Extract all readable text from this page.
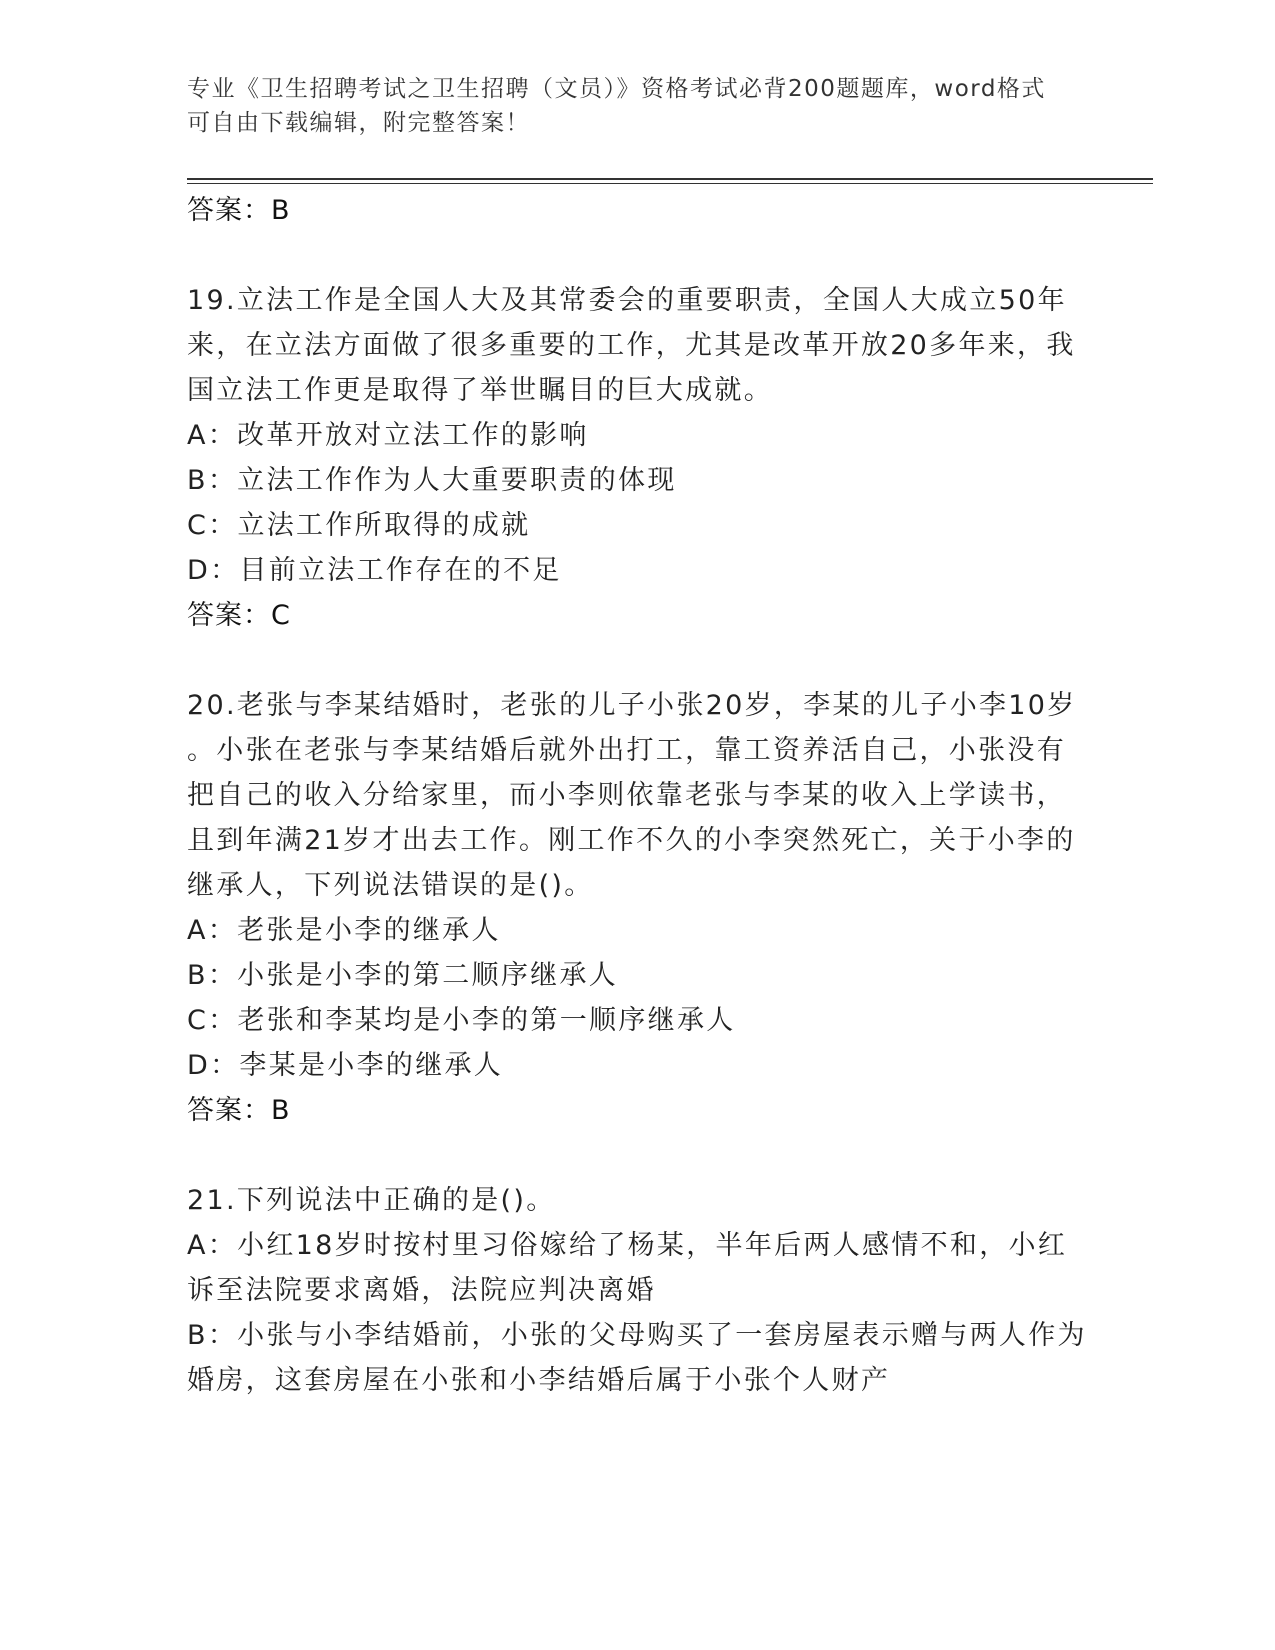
专业《卫生招聘考试之卫生招聘（文员）》资格考试必背200题题库，word格式
可自由下载编辑，附完整答案！
答案：B
19.立法工作是全国人大及其常委会的重要职责，全国人大成立50年
来，在立法方面做了很多重要的工作，尤其是改革开放20多年来，我
国立法工作更是取得了举世瞩目的巨大成就。
A：改革开放对立法工作的影响
B：立法工作作为人大重要职责的体现
C：立法工作所取得的成就
D：目前立法工作存在的不足
答案：C
20.老张与李某结婚时，老张的儿子小张20岁，李某的儿子小李10岁
。小张在老张与李某结婚后就外出打工，靠工资养活自己，小张没有
把自己的收入分给家里，而小李则依靠老张与李某的收入上学读书，
且到年满21岁才出去工作。刚工作不久的小李突然死亡，关于小李的
继承人，下列说法错误的是()。
A：老张是小李的继承人
B：小张是小李的第二顺序继承人
C：老张和李某均是小李的第一顺序继承人
D：李某是小李的继承人
答案：B
21.下列说法中正确的是()。
A：小红18岁时按村里习俗嫁给了杨某，半年后两人感情不和，小红
诉至法院要求离婚，法院应判决离婚
B：小张与小李结婚前，小张的父母购买了一套房屋表示赠与两人作为
婚房，这套房屋在小张和小李结婚后属于小张个人财产
